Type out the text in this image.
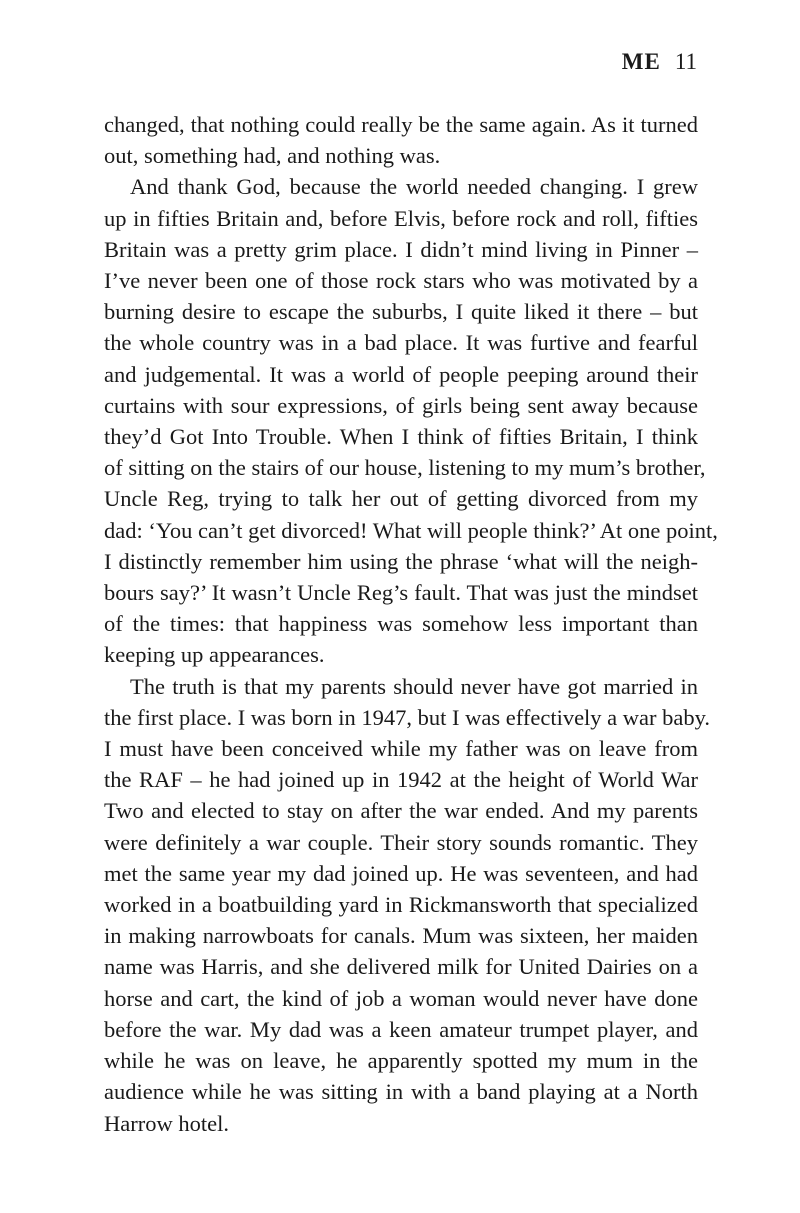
ME 11

changed, that nothing could really be the same again. As it turned

out, something had, and nothing was.

And thank God, because the world needed changing. I grew

up in fifties Britain and, before Elvis, before rock and roll, fifties

Britain was a pretty grim place. I didn’t mind living in Pinner –

I’ve never been one of those rock stars who was motivated by a

burning desire to escape the suburbs, I quite liked it there – but

the whole country was in a bad place. It was furtive and fearful

and judgemental. It was a world of people peeping around their

curtains with sour expressions, of girls being sent away because

they’d Got Into Trouble. When I think of fifties Britain, I think

of sitting on the stairs of our house, listening to my mum’s brother,

Uncle Reg, trying to talk her out of getting divorced from my

dad: ‘You can’t get divorced! What will people think?’ At one point,

I distinctly remember him using the phrase ‘what will the neigh-

bours say?’ It wasn’t Uncle Reg’s fault. That was just the mindset

of the times: that happiness was somehow less important than

keeping up appearances.

The truth is that my parents should never have got married in

the first place. I was born in 1947, but I was effectively a war baby.

I must have been conceived while my father was on leave from

the RAF – he had joined up in 1942 at the height of World War

Two and elected to stay on after the war ended. And my parents

were definitely a war couple. Their story sounds romantic. They

met the same year my dad joined up. He was seventeen, and had

worked in a boatbuilding yard in Rickmansworth that specialized

in making narrowboats for canals. Mum was sixteen, her maiden

name was Harris, and she delivered milk for United Dairies on a

horse and cart, the kind of job a woman would never have done

before the war. My dad was a keen amateur trumpet player, and

while he was on leave, he apparently spotted my mum in the

audience while he was sitting in with a band playing at a North

Harrow hotel.
